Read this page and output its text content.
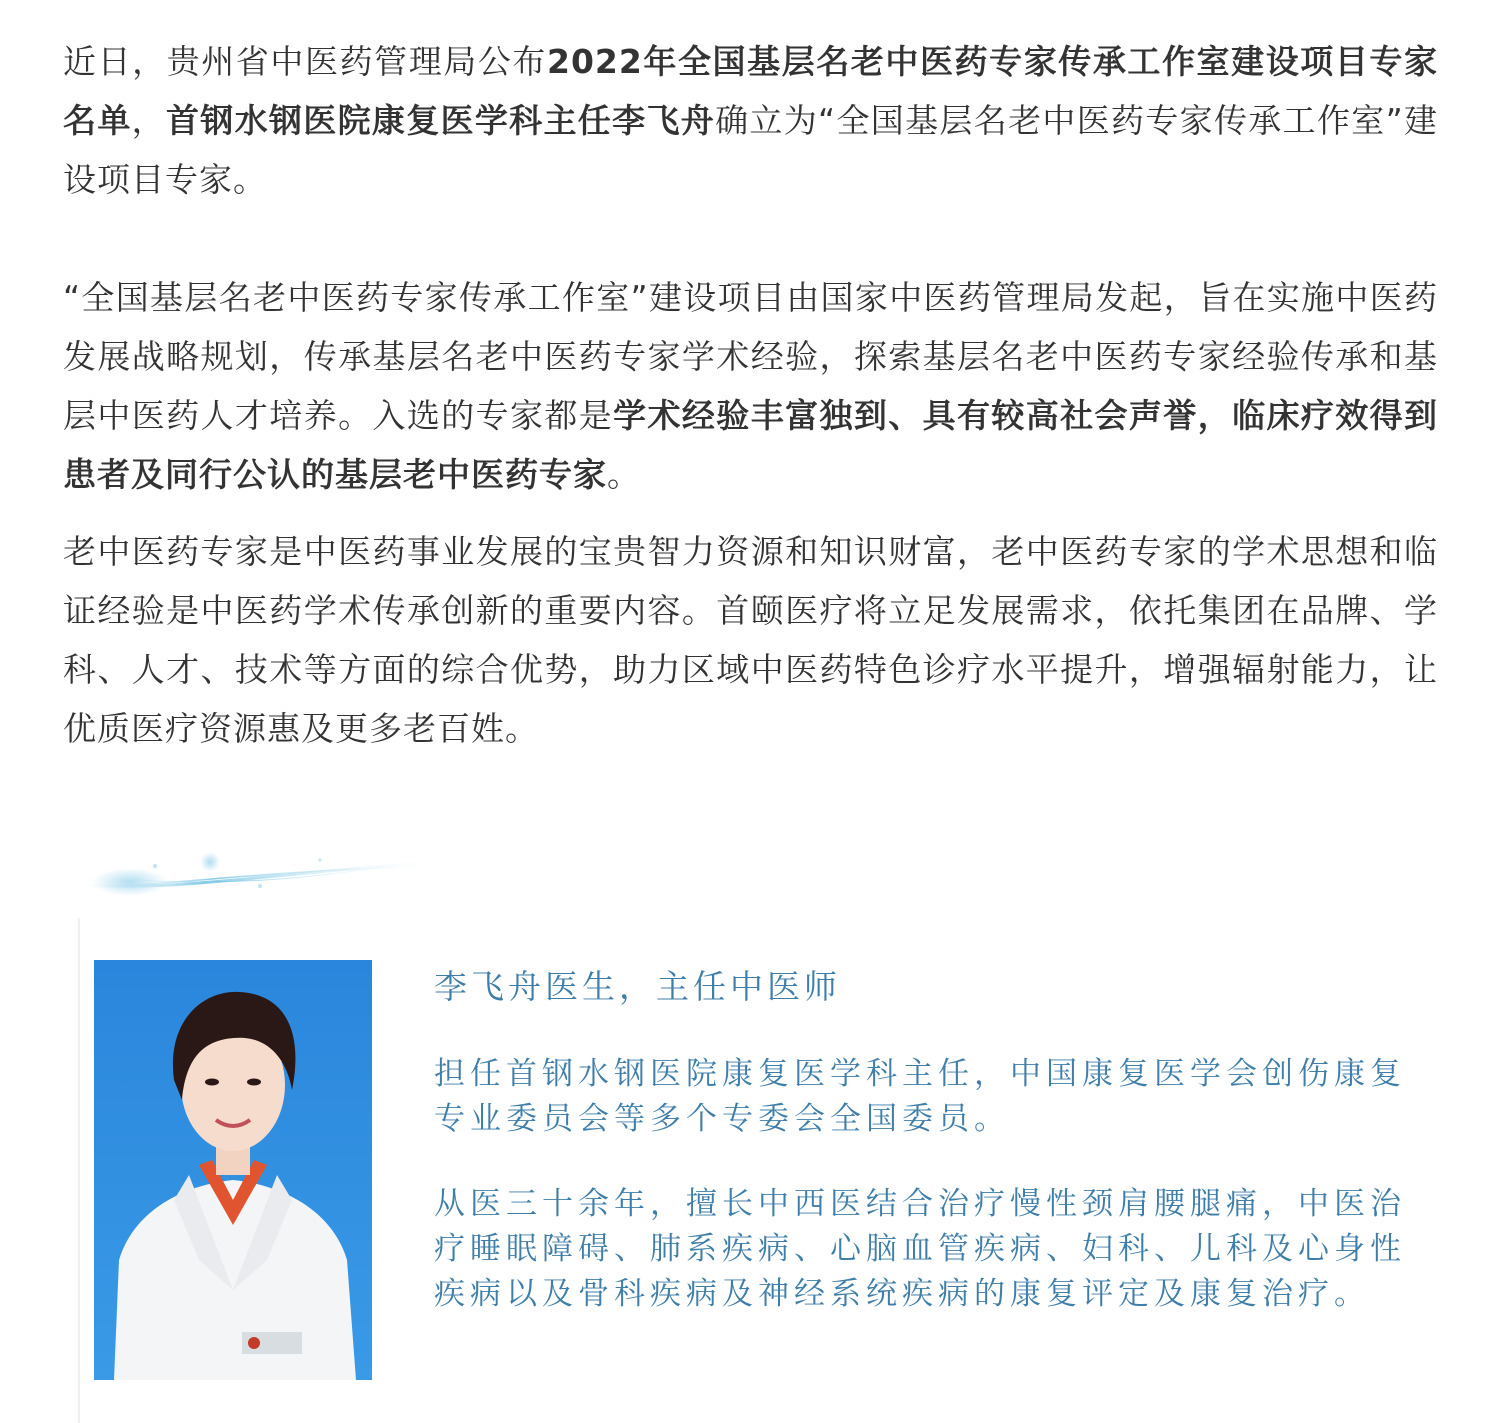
近日，贵州省中医药管理局公布2022年全国基层名老中医药专家传承工作室建设项目专家名单，首钢水钢医院康复医学科主任李飞舟确立为“全国基层名老中医药专家传承工作室”建设项目专家。

“全国基层名老中医药专家传承工作室”建设项目由国家中医药管理局发起，旨在实施中医药发展战略规划，传承基层名老中医药专家学术经验，探索基层名老中医药专家经验传承和基层中医药人才培养。入选的专家都是学术经验丰富独到、具有较高社会声誉，临床疗效得到患者及同行公认的基层老中医药专家。

老中医药专家是中医药事业发展的宝贵智力资源和知识财富，老中医药专家的学术思想和临证经验是中医药学术传承创新的重要内容。首颐医疗将立足发展需求，依托集团在品牌、学科、人才、技术等方面的综合优势，助力区域中医药特色诊疗水平提升，增强辐射能力，让优质医疗资源惠及更多老百姓。

李飞舟医生，主任中医师

担任首钢水钢医院康复医学科主任，中国康复医学会创伤康复专业委员会等多个专委会全国委员。

从医三十余年，擅长中西医结合治疗慢性颈肩腰腿痛，中医治疗睡眠障碍、肺系疾病、心脑血管疾病、妇科、儿科及心身性疾病以及骨科疾病及神经系统疾病的康复评定及康复治疗。
